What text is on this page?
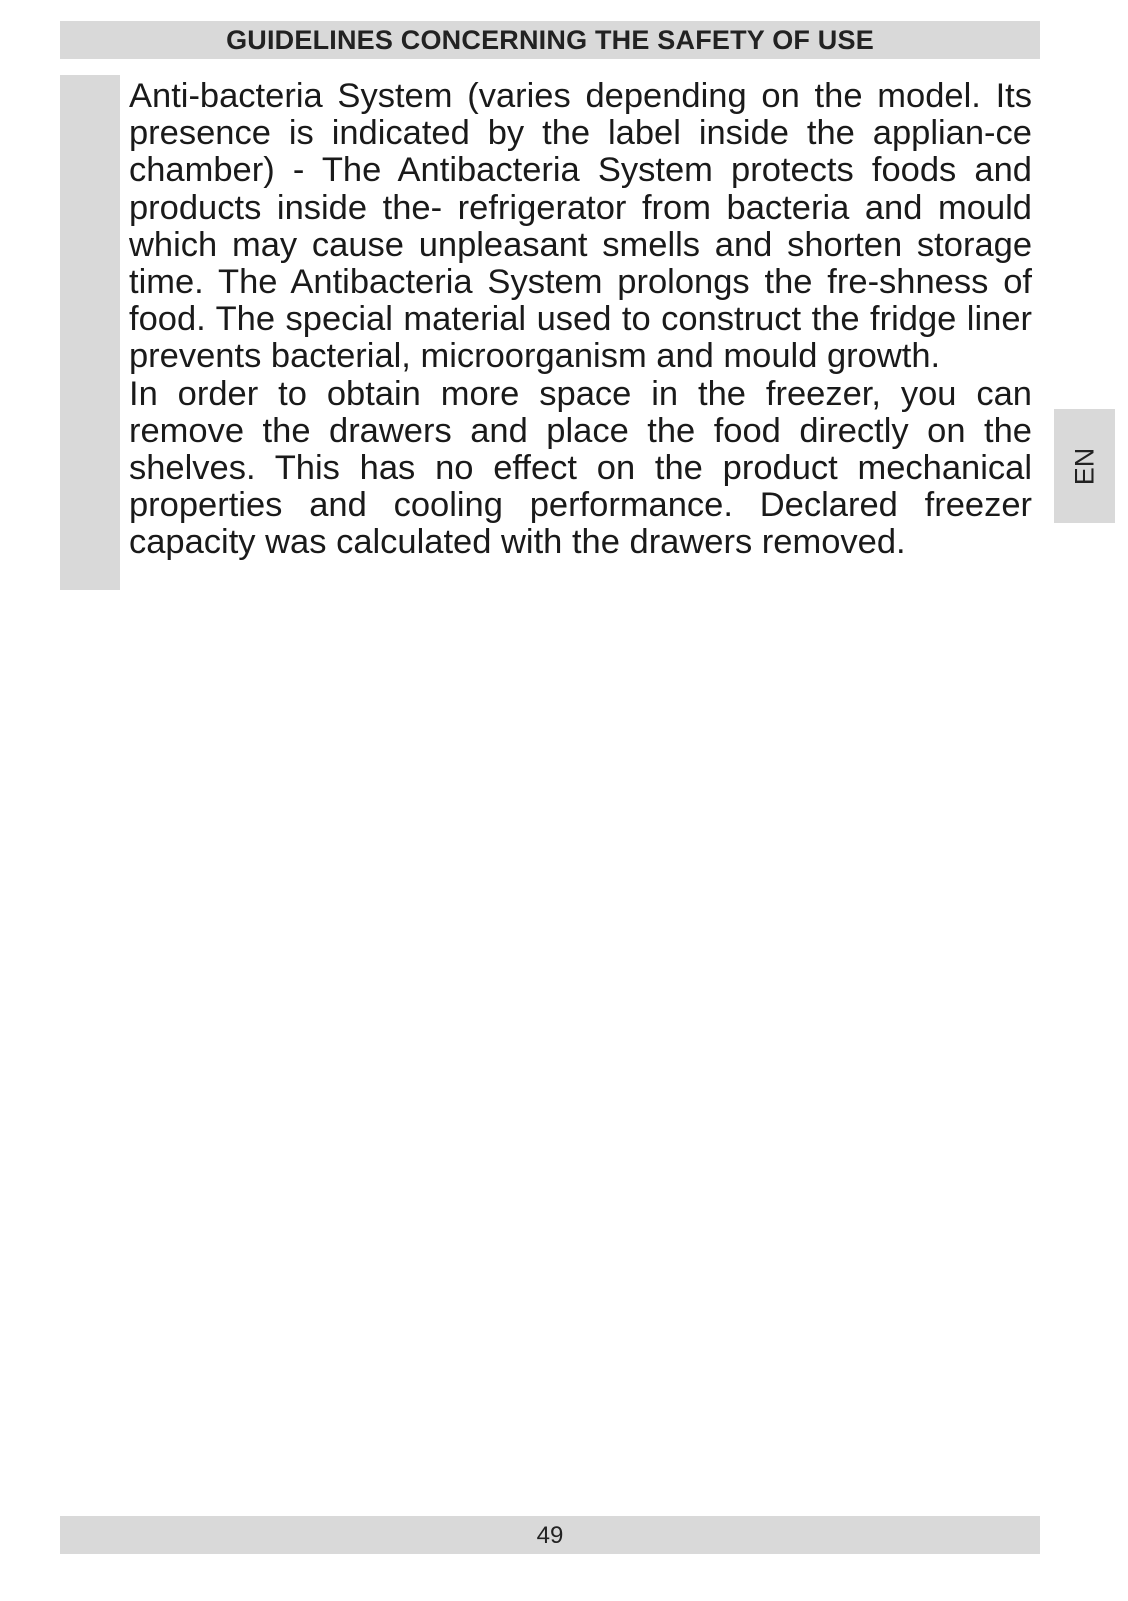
GUIDELINES CONCERNING THE SAFETY OF USE

Anti-bacteria System (varies depending on the model. Its presence is indicated by the label inside the applian-ce chamber) - The Antibacteria System protects foods and products inside the- refrigerator from bacteria and mould which may cause unpleasant smells and shorten storage time. The Antibacteria System prolongs the fre-shness of food. The special material used to construct the fridge liner prevents bacterial, microorganism and mould growth.

In order to obtain more space in the freezer, you can remove the drawers and place the food directly on the shelves. This has no effect on the product mechanical properties and cooling performance. Declared freezer capacity was calculated with the drawers removed.

EN
49
